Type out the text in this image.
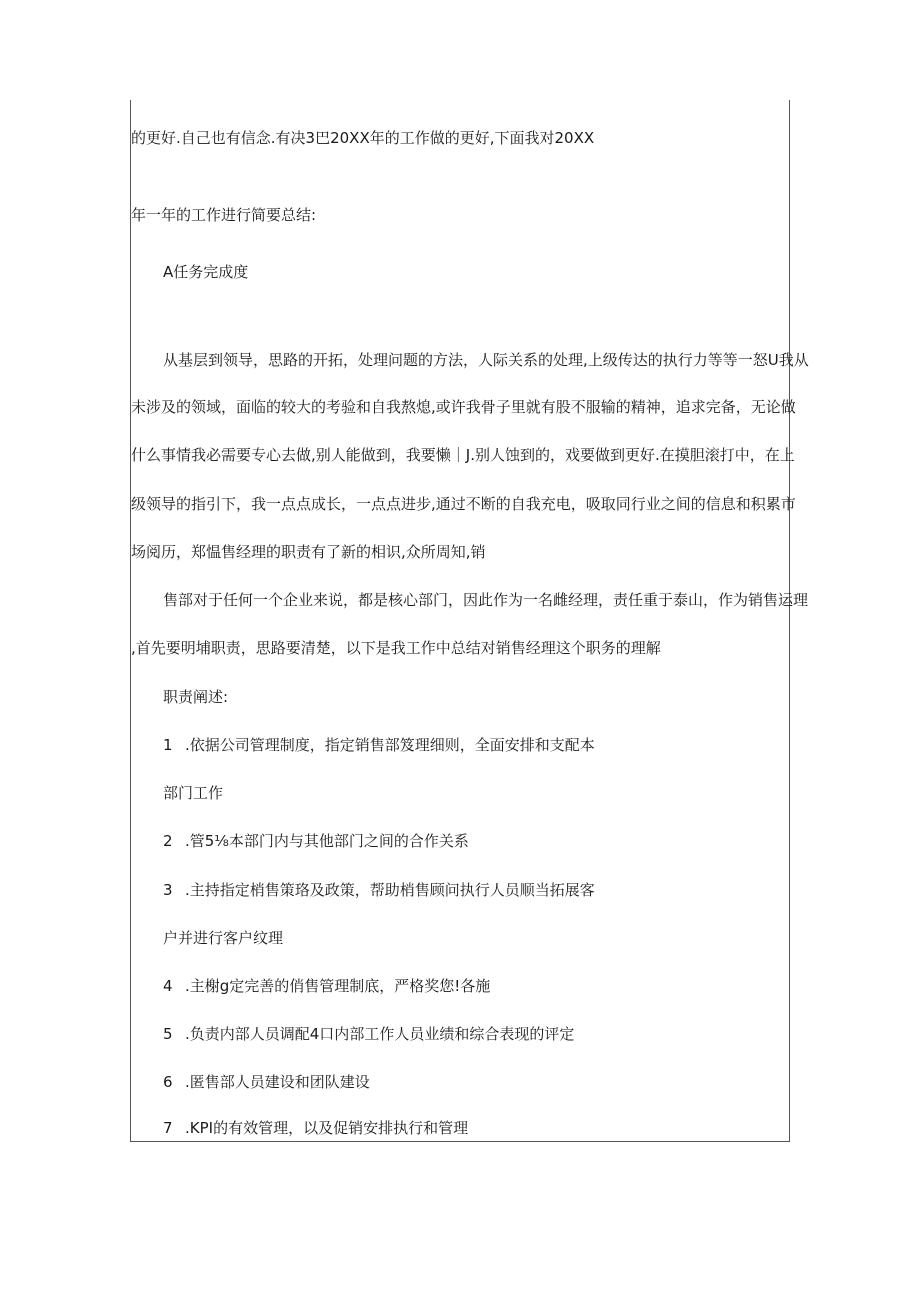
的更好.自己也有信念.有决3巴20XX年的工作做的更好,下面我对20XX
年一年的工作进行简要总结:
A任务完成度
从基层到领导，思路的开拓，处理问题的方法，人际关系的处理,上级传达的执行力等等一怒U我从
未涉及的领域，面临的较大的考验和自我熬熄,或许我骨子里就有股不服输的精神，追求完备，无论做
什么事情我必需要专心去做,别人能做到，我要懒｜J.别人蚀到的，戏要做到更好.在摸胆滚打中，在上
级领导的指引下，我一点点成长，一点点进步,通过不断的自我充电，吸取同行业之间的信息和积累市
场阅历，郑愠售经理的职责有了新的相识,众所周知,销
售部对于任何一个企业来说，都是核心部门，因此作为一名雌经理，责任重于泰山，作为销售运理
,首先要明埔职责，思路要清楚，以下是我工作中总结对销售经理这个职务的理解
职责阐述:
1 .依据公司管理制度，指定销售部笈理细则，全面安排和支配本
部门工作
2 .管5⅛本部门内与其他部门之间的合作关系
3 .主持指定梢售策珞及政策，帮助梢售顾问执行人员顺当拓展客
户并进行客户纹理
4 .主榭g定完善的俏售管理制底，严格奖您!各施
5 .负责内部人员调配4口内部工作人员业绩和综合表现的评定
6 .匿售部人员建设和团队建设
7 .KPI的有效管理，以及促销安排执行和管理
